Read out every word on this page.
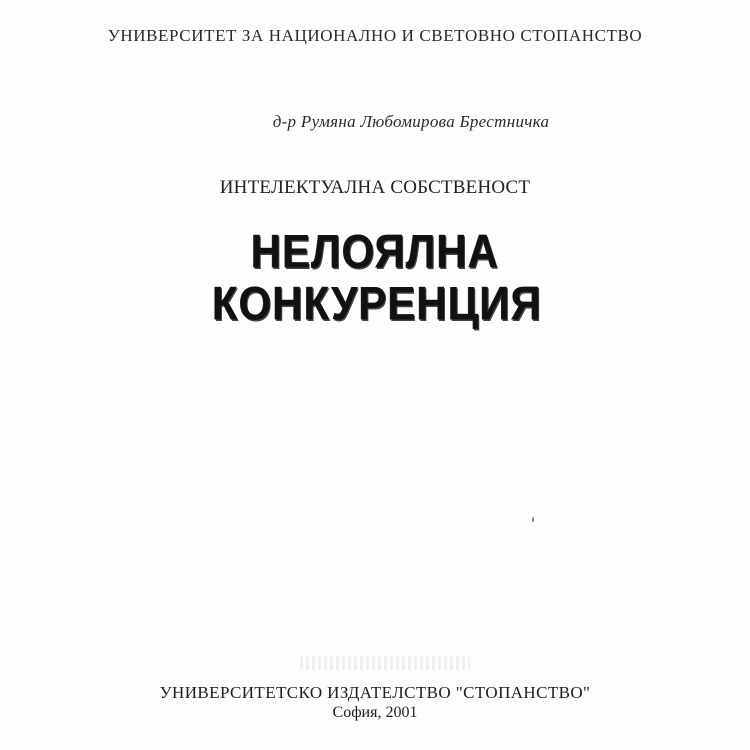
УНИВЕРСИТЕТ ЗА НАЦИОНАЛНО И СВЕТОВНО СТОПАНСТВО
д-р Румяна Любомирова Брестничка
ИНТЕЛЕКТУАЛНА СОБСТВЕНОСТ
НЕЛОЯЛНА
КОНКУРЕНЦИЯ
УНИВЕРСИТЕТСКО ИЗДАТЕЛСТВО "СТОПАНСТВО"
София, 2001
